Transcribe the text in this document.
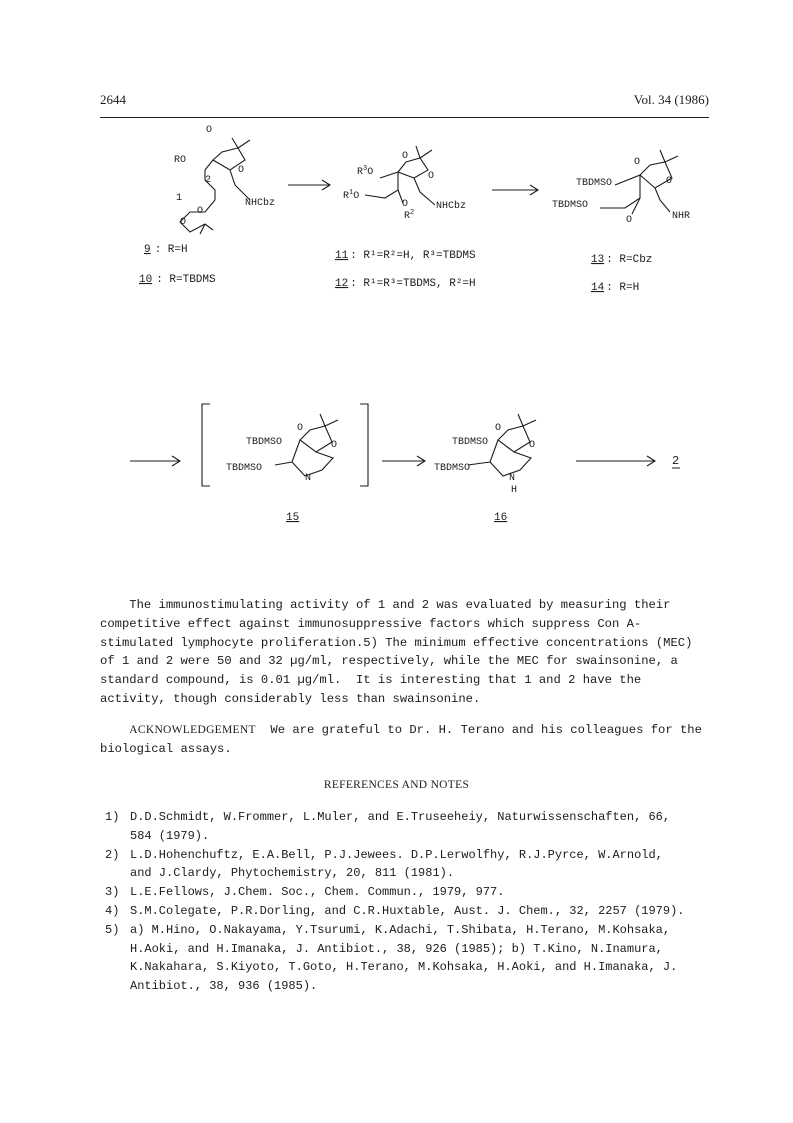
2644	Vol. 34 (1986)
O
O
RO
2
1
O
O
NHCbz
O
O
$R^3O$
$R^1O$
O
$R^2$
NHCbz
O
O
TBDMSO
TBDMSO
O	NHR
O
O
TBDMSO
TBDMSO
N
O
O
TBDMSO
TBDMSO
N
H
2
9 : R=H
10 : R=TBDMS
11 : R¹=R²=H, R³=TBDMS
12 : R¹=R³=TBDMS, R²=H
13 : R=Cbz
14 : R=H
15	16
The immunostimulating activity of 1 and 2 was evaluated by measuring their
competitive effect against immunosuppressive factors which suppress Con A-
stimulated lymphocyte proliferation.5) The minimum effective concentrations (MEC)
of 1 and 2 were 50 and 32 µg/ml, respectively, while the MEC for swainsonine, a
standard compound, is 0.01 µg/ml.  It is interesting that 1 and 2 have the
activity, though considerably less than swainsonine.
ACKNOWLEDGEMENT  We are grateful to Dr. H. Terano and his colleagues for the
biological assays.
REFERENCES AND NOTES
1) D.D.Schmidt, W.Frommer, L.Muler, and E.Truseeheiy, Naturwissenschaften, 66,
584 (1979).
2) L.D.Hohenchuftz, E.A.Bell, P.J.Jewees. D.P.Lerwolfhy, R.J.Pyrce, W.Arnold,
and J.Clardy, Phytochemistry, 20, 811 (1981).
3) L.E.Fellows, J.Chem. Soc., Chem. Commun., 1979, 977.
4) S.M.Colegate, P.R.Dorling, and C.R.Huxtable, Aust. J. Chem., 32, 2257 (1979).
5) a) M.Hino, O.Nakayama, Y.Tsurumi, K.Adachi, T.Shibata, H.Terano, M.Kohsaka,
H.Aoki, and H.Imanaka, J. Antibiot., 38, 926 (1985); b) T.Kino, N.Inamura,
K.Nakahara, S.Kiyoto, T.Goto, H.Terano, M.Kohsaka, H.Aoki, and H.Imanaka, J.
Antibiot., 38, 936 (1985).
